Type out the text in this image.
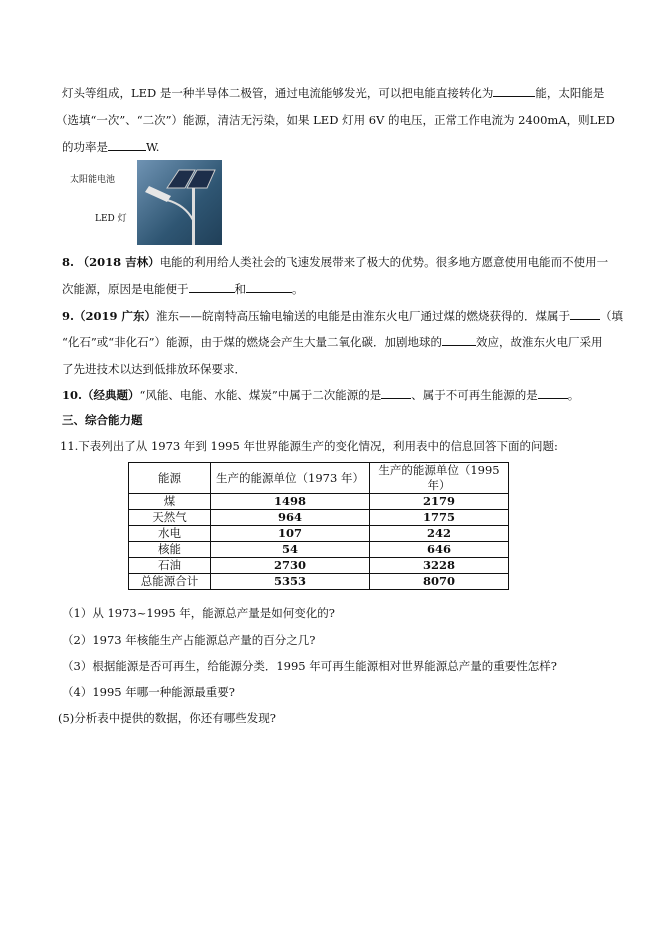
灯头等组成，LED 是一种半导体二极管，通过电流能够发光，可以把电能直接转化为	能，太阳能是
（选填“一次”、“二次”）能源，清洁无污染，如果 LED 灯用 6V 的电压，正常工作电流为 2400mA，则LED
的功率是	W.
太阳能电池
LED 灯
8. （2018 吉林）电能的利用给人类社会的飞速发展带来了极大的优势。很多地方愿意使用电能而不使用一
次能源，原因是电能便于	和	。
9.（2019 广东）淮东——皖南特高压输电输送的电能是由淮东火电厂通过煤的燃烧获得的．煤属于	（填
“化石”或“非化石”）能源，由于煤的燃烧会产生大量二氧化碳．加剧地球的	效应，故淮东火电厂采用
了先进技术以达到低排放环保要求．
10.（经典题）“风能、电能、水能、煤炭”中属于二次能源的是	、属于不可再生能源的是	。
三、综合能力题
11.下表列出了从 1973 年到 1995 年世界能源生产的变化情况，利用表中的信息回答下面的问题:
能源	生产的能源单位（1973 年）	生产的能源单位（1995 年）
煤	1498	2179
天然气	964	1775
水电	107	242
核能	54	646
石油	2730	3228
总能源合计	5353	8070
（1）从 1973~1995 年，能源总产量是如何变化的?
（2）1973 年核能生产占能源总产量的百分之几?
（3）根据能源是否可再生，给能源分类．1995 年可再生能源相对世界能源总产量的重要性怎样?
（4）1995 年哪一种能源最重要?
(5)分析表中提供的数据，你还有哪些发现?
